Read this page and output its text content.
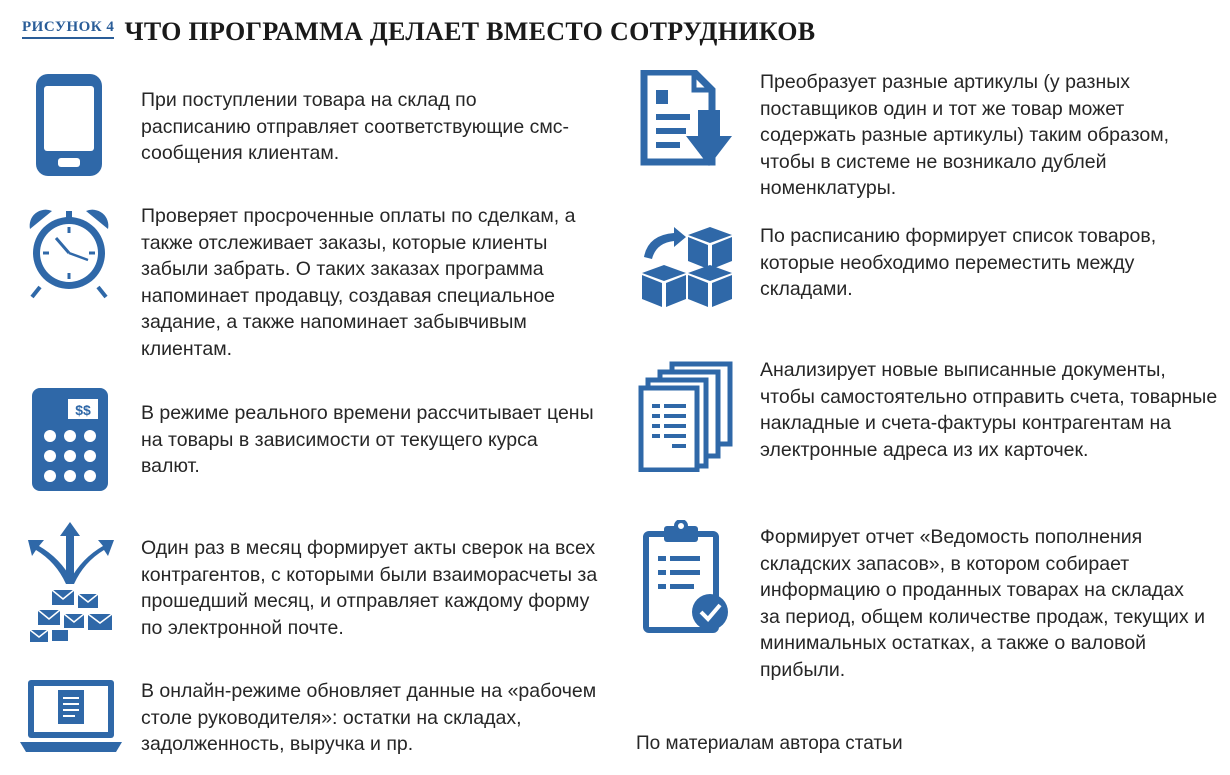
РИСУНОК 4 ЧТО ПРОГРАММА ДЕЛАЕТ ВМЕСТО СОТРУДНИКОВ
При поступлении товара на склад по расписанию отправляет соответствующие смс-сообщения клиентам.
Проверяет просроченные оплаты по сделкам, а также отслеживает заказы, которые клиенты забыли забрать. О таких заказах программа напоминает продавцу, создавая специальное задание, а также напоминает забывчивым клиентам.
$$	В режиме реального времени рассчитывает цены на товары в зависимости от текущего курса валют.
Один раз в месяц формирует акты сверок на всех контрагентов, с которыми были взаиморасчеты за прошедший месяц, и отправляет каждому форму по электронной почте.
В онлайн-режиме обновляет данные на «рабочем столе руководителя»: остатки на складах, задолженность, выручка и пр.
Преобразует разные артикулы (у разных поставщиков один и тот же товар может содержать разные артикулы) таким образом, чтобы в системе не возникало дублей номенклатуры.
По расписанию формирует список товаров, которые необходимо переместить между складами.
Анализирует новые выписанные документы, чтобы самостоятельно отправить счета, товарные накладные и счета-фактуры контрагентам на электронные адреса из их карточек.
Формирует отчет «Ведомость пополнения складских запасов», в котором собирает информацию о проданных товарах на складах за период, общем количестве продаж, текущих и минимальных остатках, а также о валовой прибыли.
По материалам автора статьи
